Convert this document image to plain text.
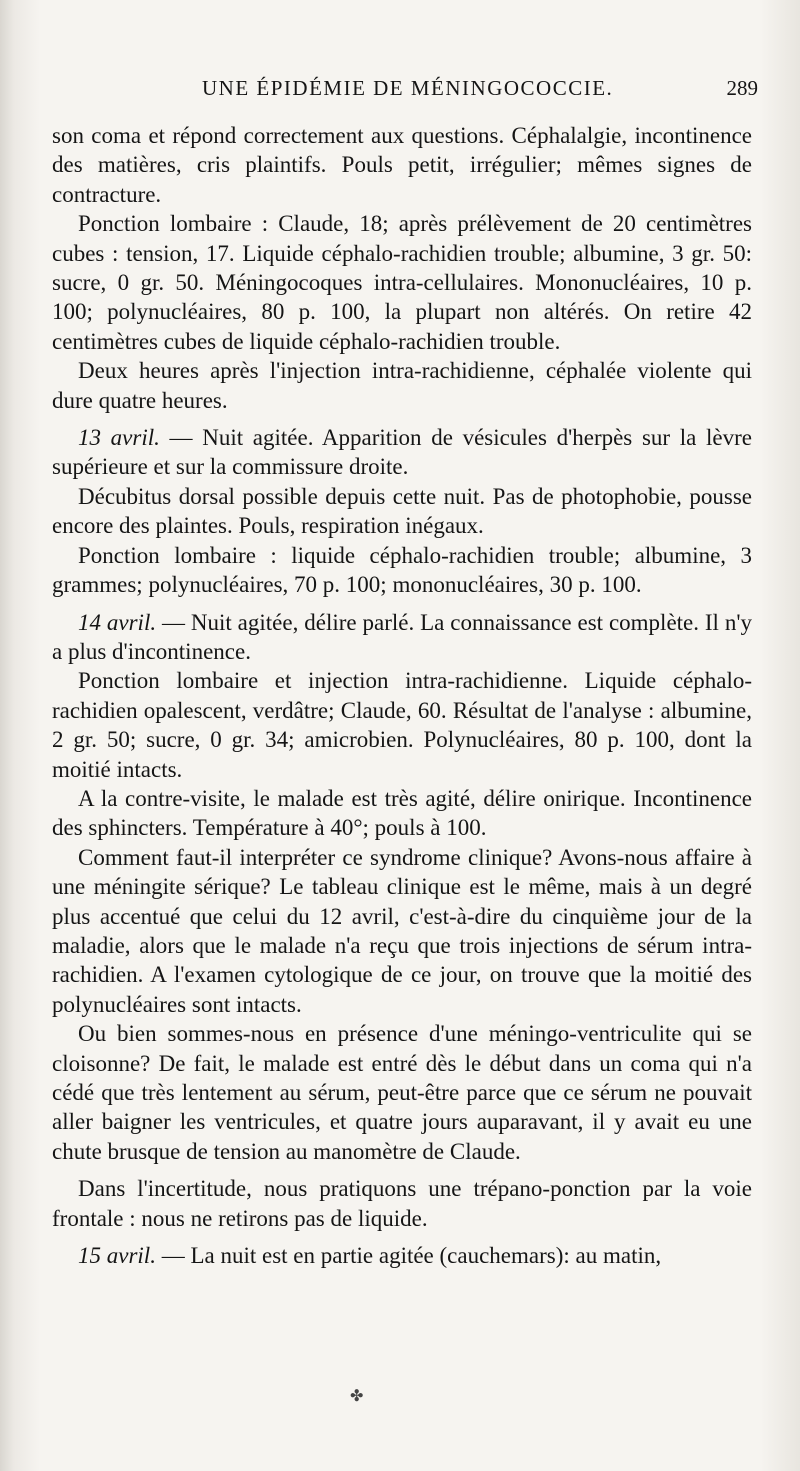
UNE ÉPIDÉMIE DE MÉNINGOCOCCIE.	289

son coma et répond correctement aux questions. Céphalalgie, incontinence des matières, cris plaintifs. Pouls petit, irrégulier; mêmes signes de contracture.

Ponction lombaire : Claude, 18; après prélèvement de 20 centimètres cubes : tension, 17. Liquide céphalo-rachidien trouble; albumine, 3 gr. 50: sucre, 0 gr. 50. Méningocoques intra-cellulaires. Mononucléaires, 10 p. 100; polynucléaires, 80 p. 100, la plupart non altérés. On retire 42 centimètres cubes de liquide céphalo-rachidien trouble.

Deux heures après l'injection intra-rachidienne, céphalée violente qui dure quatre heures.

13 avril. — Nuit agitée. Apparition de vésicules d'herpès sur la lèvre supérieure et sur la commissure droite.

Décubitus dorsal possible depuis cette nuit. Pas de photophobie, pousse encore des plaintes. Pouls, respiration inégaux.

Ponction lombaire : liquide céphalo-rachidien trouble; albumine, 3 grammes; polynucléaires, 70 p. 100; mononucléaires, 30 p. 100.

14 avril. — Nuit agitée, délire parlé. La connaissance est complète. Il n'y a plus d'incontinence.

Ponction lombaire et injection intra-rachidienne. Liquide céphalo-rachidien opalescent, verdâtre; Claude, 60. Résultat de l'analyse : albumine, 2 gr. 50; sucre, 0 gr. 34; amicrobien. Polynucléaires, 80 p. 100, dont la moitié intacts.

A la contre-visite, le malade est très agité, délire onirique. Incontinence des sphincters. Température à 40°; pouls à 100.

Comment faut-il interpréter ce syndrome clinique? Avons-nous affaire à une méningite sérique? Le tableau clinique est le même, mais à un degré plus accentué que celui du 12 avril, c'est-à-dire du cinquième jour de la maladie, alors que le malade n'a reçu que trois injections de sérum intra-rachidien. A l'examen cytologique de ce jour, on trouve que la moitié des polynucléaires sont intacts.

Ou bien sommes-nous en présence d'une méningo-ventriculite qui se cloisonne? De fait, le malade est entré dès le début dans un coma qui n'a cédé que très lentement au sérum, peut-être parce que ce sérum ne pouvait aller baigner les ventricules, et quatre jours auparavant, il y avait eu une chute brusque de tension au manomètre de Claude.

Dans l'incertitude, nous pratiquons une trépano-ponction par la voie frontale : nous ne retirons pas de liquide.

15 avril. — La nuit est en partie agitée (cauchemars): au matin,

✤
